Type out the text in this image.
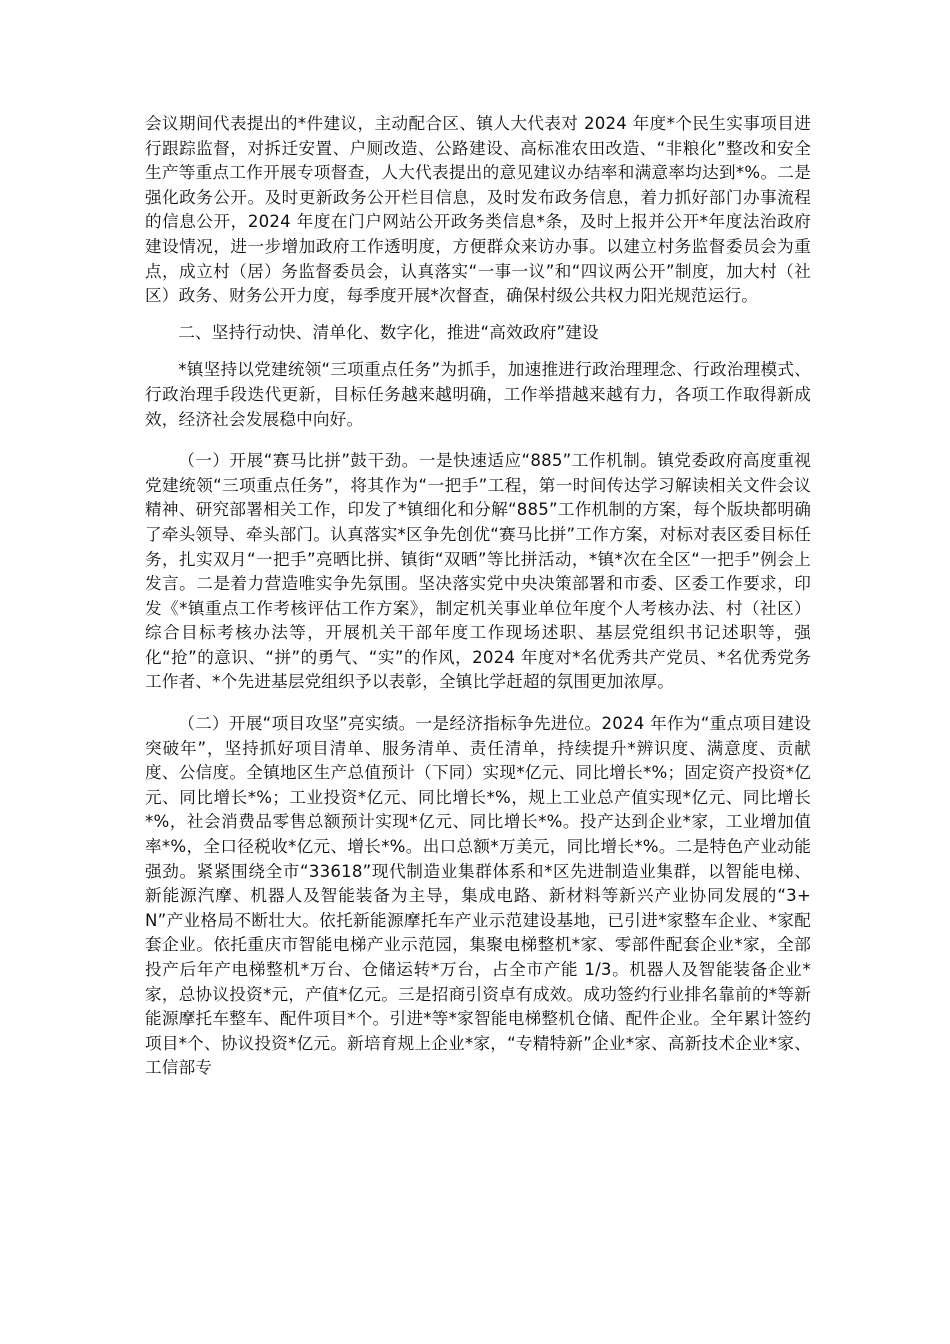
会议期间代表提出的*件建议，主动配合区、镇人大代表对 2024 年度*个民生实事项目进行跟踪监督，对拆迁安置、户厕改造、公路建设、高标准农田改造、“非粮化”整改和安全生产等重点工作开展专项督查，人大代表提出的意见建议办结率和满意率均达到*%。二是强化政务公开。及时更新政务公开栏目信息，及时发布政务信息，着力抓好部门办事流程的信息公开，2024 年度在门户网站公开政务类信息*条，及时上报并公开*年度法治政府建设情况，进一步增加政府工作透明度，方便群众来访办事。以建立村务监督委员会为重点，成立村（居）务监督委员会，认真落实“一事一议”和“四议两公开”制度，加大村（社区）政务、财务公开力度，每季度开展*次督查，确保村级公共权力阳光规范运行。

二、坚持行动快、清单化、数字化，推进“高效政府”建设

*镇坚持以党建统领“三项重点任务”为抓手，加速推进行政治理理念、行政治理模式、行政治理手段迭代更新，目标任务越来越明确，工作举措越来越有力，各项工作取得新成效，经济社会发展稳中向好。

（一）开展“赛马比拼”鼓干劲。一是快速适应“885”工作机制。镇党委政府高度重视党建统领“三项重点任务”，将其作为“一把手”工程，第一时间传达学习解读相关文件会议精神、研究部署相关工作，印发了*镇细化和分解“885”工作机制的方案，每个版块都明确了牵头领导、牵头部门。认真落实*区争先创优“赛马比拼”工作方案，对标对表区委目标任务，扎实双月“一把手”亮晒比拼、镇街“双晒”等比拼活动，*镇*次在全区“一把手”例会上发言。二是着力营造唯实争先氛围。坚决落实党中央决策部署和市委、区委工作要求，印发《*镇重点工作考核评估工作方案》，制定机关事业单位年度个人考核办法、村（社区）综合目标考核办法等，开展机关干部年度工作现场述职、基层党组织书记述职等，强化“抢”的意识、“拼”的勇气、“实”的作风，2024 年度对*名优秀共产党员、*名优秀党务工作者、*个先进基层党组织予以表彰，全镇比学赶超的氛围更加浓厚。

（二）开展“项目攻坚”亮实绩。一是经济指标争先进位。2024 年作为“重点项目建设突破年”，坚持抓好项目清单、服务清单、责任清单，持续提升*辨识度、满意度、贡献度、公信度。全镇地区生产总值预计（下同）实现*亿元、同比增长*%；固定资产投资*亿元、同比增长*%；工业投资*亿元、同比增长*%，规上工业总产值实现*亿元、同比增长*%，社会消费品零售总额预计实现*亿元、同比增长*%。投产达到企业*家，工业增加值率*%，全口径税收*亿元、增长*%。出口总额*万美元，同比增长*%。二是特色产业动能强劲。紧紧围绕全市“33618”现代制造业集群体系和*区先进制造业集群，以智能电梯、新能源汽摩、机器人及智能装备为主导，集成电路、新材料等新兴产业协同发展的“3+N”产业格局不断壮大。依托新能源摩托车产业示范建设基地，已引进*家整车企业、*家配套企业。依托重庆市智能电梯产业示范园，集聚电梯整机*家、零部件配套企业*家，全部投产后年产电梯整机*万台、仓储运转*万台，占全市产能 1/3。机器人及智能装备企业*家，总协议投资*元，产值*亿元。三是招商引资卓有成效。成功签约行业排名靠前的*等新能源摩托车整车、配件项目*个。引进*等*家智能电梯整机仓储、配件企业。全年累计签约项目*个、协议投资*亿元。新培育规上企业*家，“专精特新”企业*家、高新技术企业*家、工信部专
